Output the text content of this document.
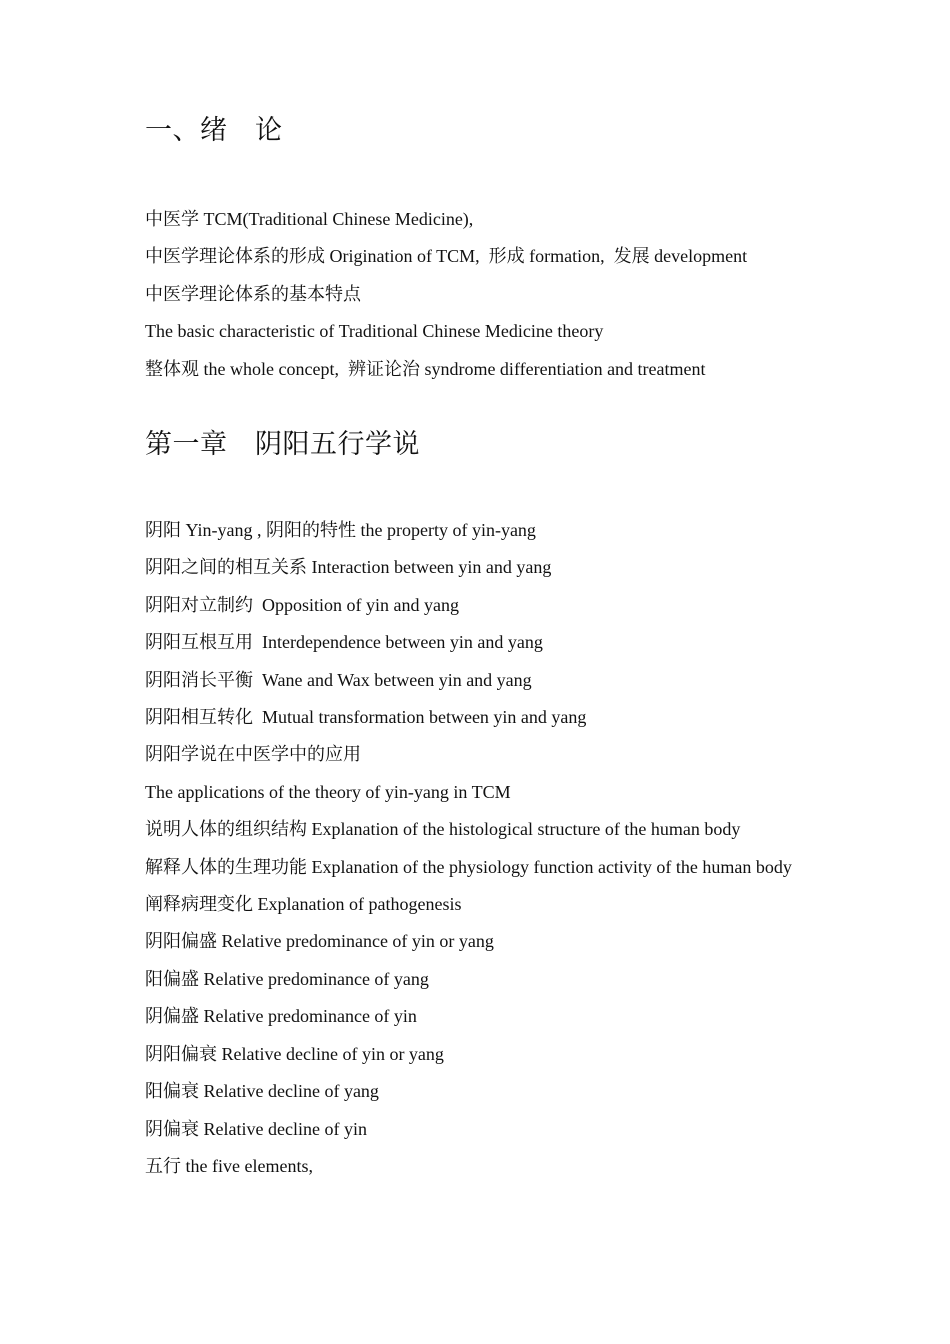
一、绪　论
中医学 TCM(Traditional Chinese Medicine),
中医学理论体系的形成 Origination of TCM,  形成 formation,  发展 development
中医学理论体系的基本特点
The basic characteristic of Traditional Chinese Medicine theory
整体观 the whole concept,  辨证论治 syndrome differentiation and treatment
第一章　阴阳五行学说
阴阳 Yin-yang , 阴阳的特性 the property of yin-yang
阴阳之间的相互关系 Interaction between yin and yang
阴阳对立制约  Opposition of yin and yang
阴阳互根互用  Interdependence between yin and yang
阴阳消长平衡  Wane and Wax between yin and yang
阴阳相互转化  Mutual transformation between yin and yang
阴阳学说在中医学中的应用
The applications of the theory of yin-yang in TCM
说明人体的组织结构 Explanation of the histological structure of the human body
解释人体的生理功能 Explanation of the physiology function activity of the human body
阐释病理变化 Explanation of pathogenesis
阴阳偏盛 Relative predominance of yin or yang
阳偏盛 Relative predominance of yang
阴偏盛 Relative predominance of yin
阴阳偏衰 Relative decline of yin or yang
阳偏衰 Relative decline of yang
阴偏衰 Relative decline of yin
五行 the five elements,
